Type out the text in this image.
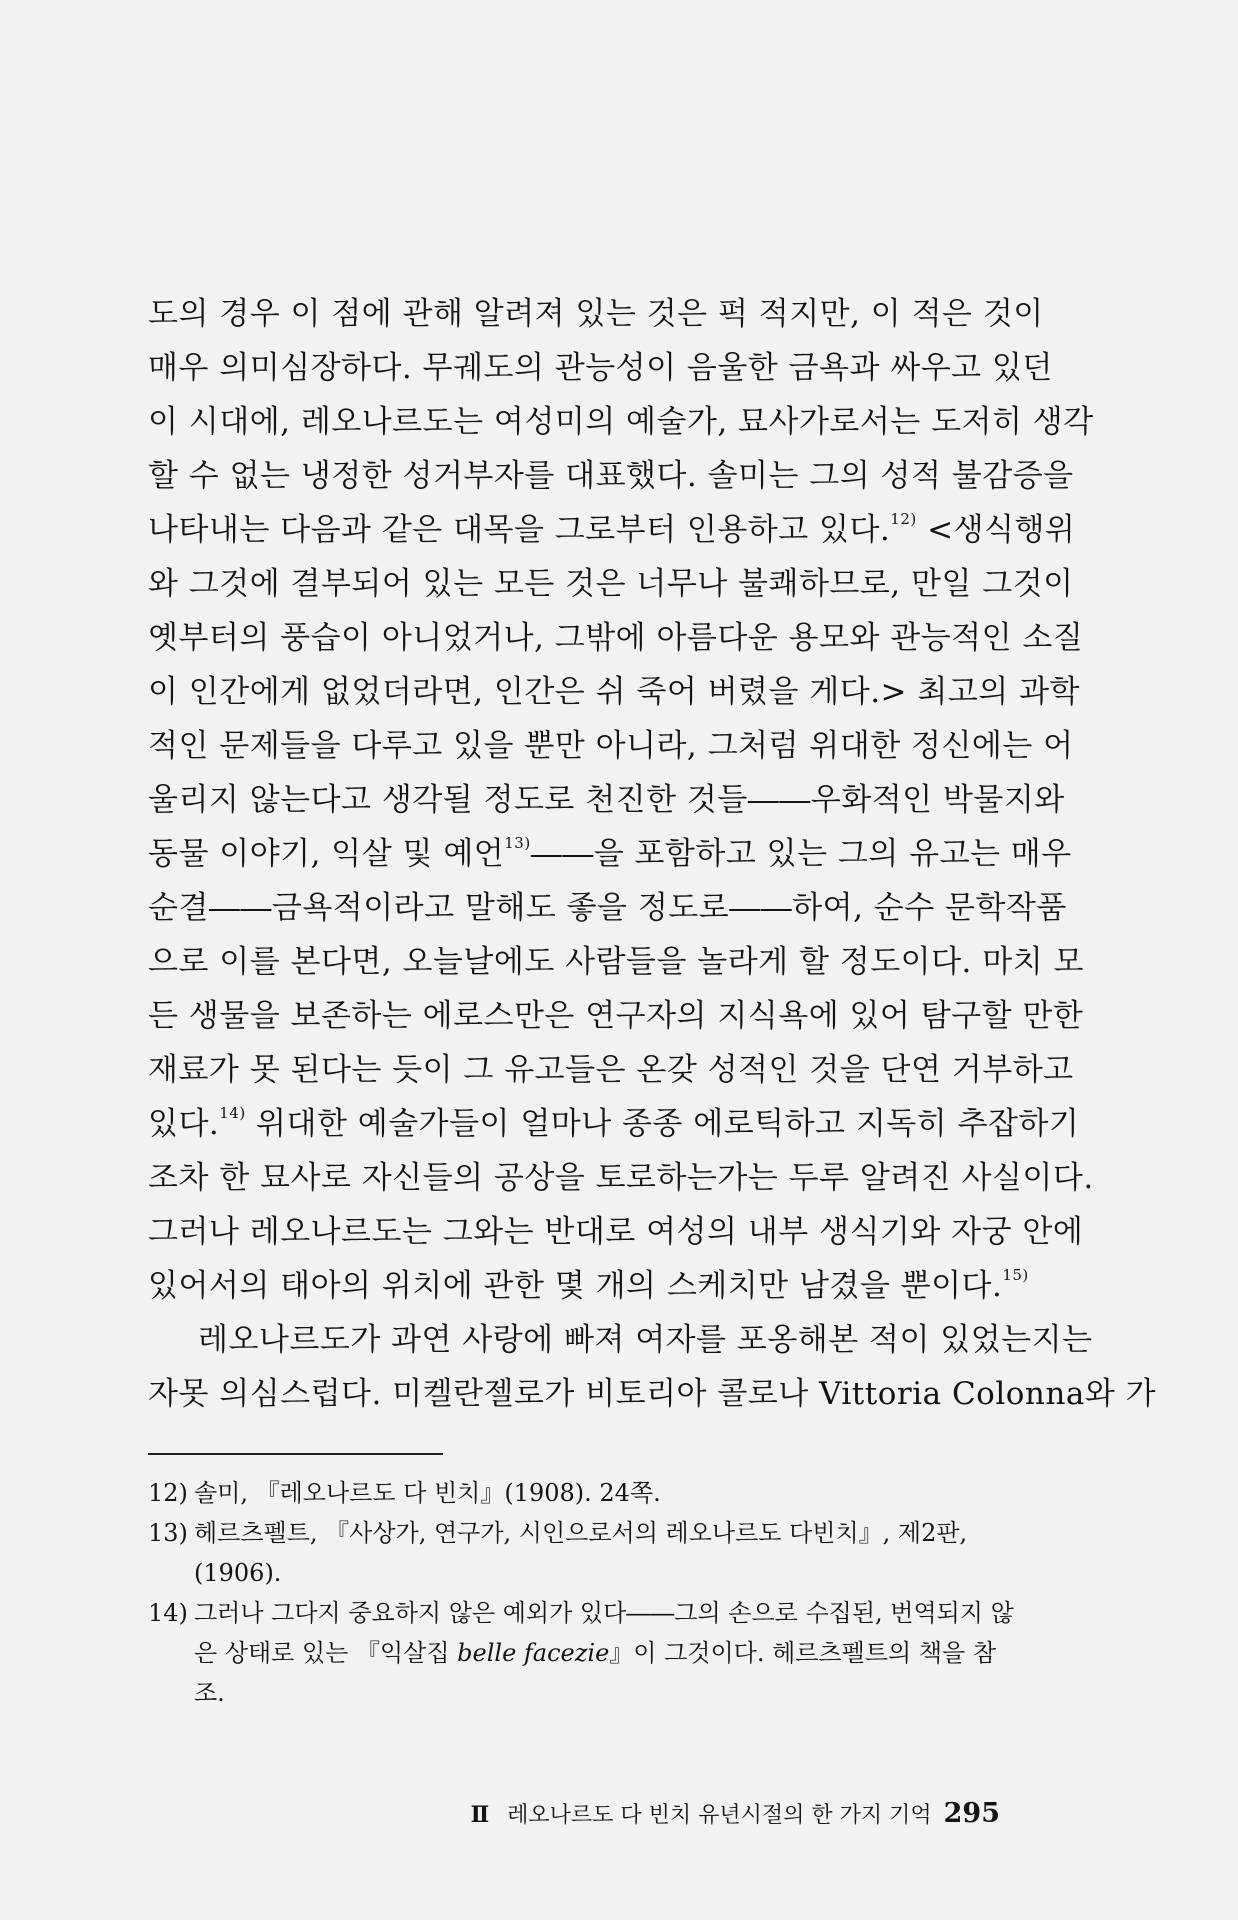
도의 경우 이 점에 관해 알려져 있는 것은 퍽 적지만, 이 적은 것이
매우 의미심장하다. 무궤도의 관능성이 음울한 금욕과 싸우고 있던
이 시대에, 레오나르도는 여성미의 예술가, 묘사가로서는 도저히 생각
할 수 없는 냉정한 성거부자를 대표했다. 솔미는 그의 성적 불감증을
나타내는 다음과 같은 대목을 그로부터 인용하고 있다.$^{12)}$ <생식행위
와 그것에 결부되어 있는 모든 것은 너무나 불쾌하므로, 만일 그것이
옛부터의 풍습이 아니었거나, 그밖에 아름다운 용모와 관능적인 소질
이 인간에게 없었더라면, 인간은 쉬 죽어 버렸을 게다.> 최고의 과학
적인 문제들을 다루고 있을 뿐만 아니라, 그처럼 위대한 정신에는 어
울리지 않는다고 생각될 정도로 천진한 것들――우화적인 박물지와
동물 이야기, 익살 및 예언$^{13)}$――을 포함하고 있는 그의 유고는 매우
순결――금욕적이라고 말해도 좋을 정도로――하여, 순수 문학작품
으로 이를 본다면, 오늘날에도 사람들을 놀라게 할 정도이다. 마치 모
든 생물을 보존하는 에로스만은 연구자의 지식욕에 있어 탐구할 만한
재료가 못 된다는 듯이 그 유고들은 온갖 성적인 것을 단연 거부하고
있다.$^{14)}$ 위대한 예술가들이 얼마나 종종 에로틱하고 지독히 추잡하기
조차 한 묘사로 자신들의 공상을 토로하는가는 두루 알려진 사실이다.
그러나 레오나르도는 그와는 반대로 여성의 내부 생식기와 자궁 안에
있어서의 태아의 위치에 관한 몇 개의 스케치만 남겼을 뿐이다.$^{15)}$

레오나르도가 과연 사랑에 빠져 여자를 포옹해본 적이 있었는지는
자못 의심스럽다. 미켈란젤로가 비토리아 콜로나 Vittoria Colonna와 가

12) 솔미, 『레오나르도 다 빈치』(1908). 24쪽.
13) 헤르츠펠트, 『사상가, 연구가, 시인으로서의 레오나르도 다빈치』, 제2판, (1906).
14) 그러나 그다지 중요하지 않은 예외가 있다――그의 손으로 수집된, 번역되지 않은 상태로 있는 『익살집 belle facezie』이 그것이다. 헤르츠펠트의 책을 참조.
Ⅱ 레오나르도 다 빈치 유년시절의 한 가지 기억 295
